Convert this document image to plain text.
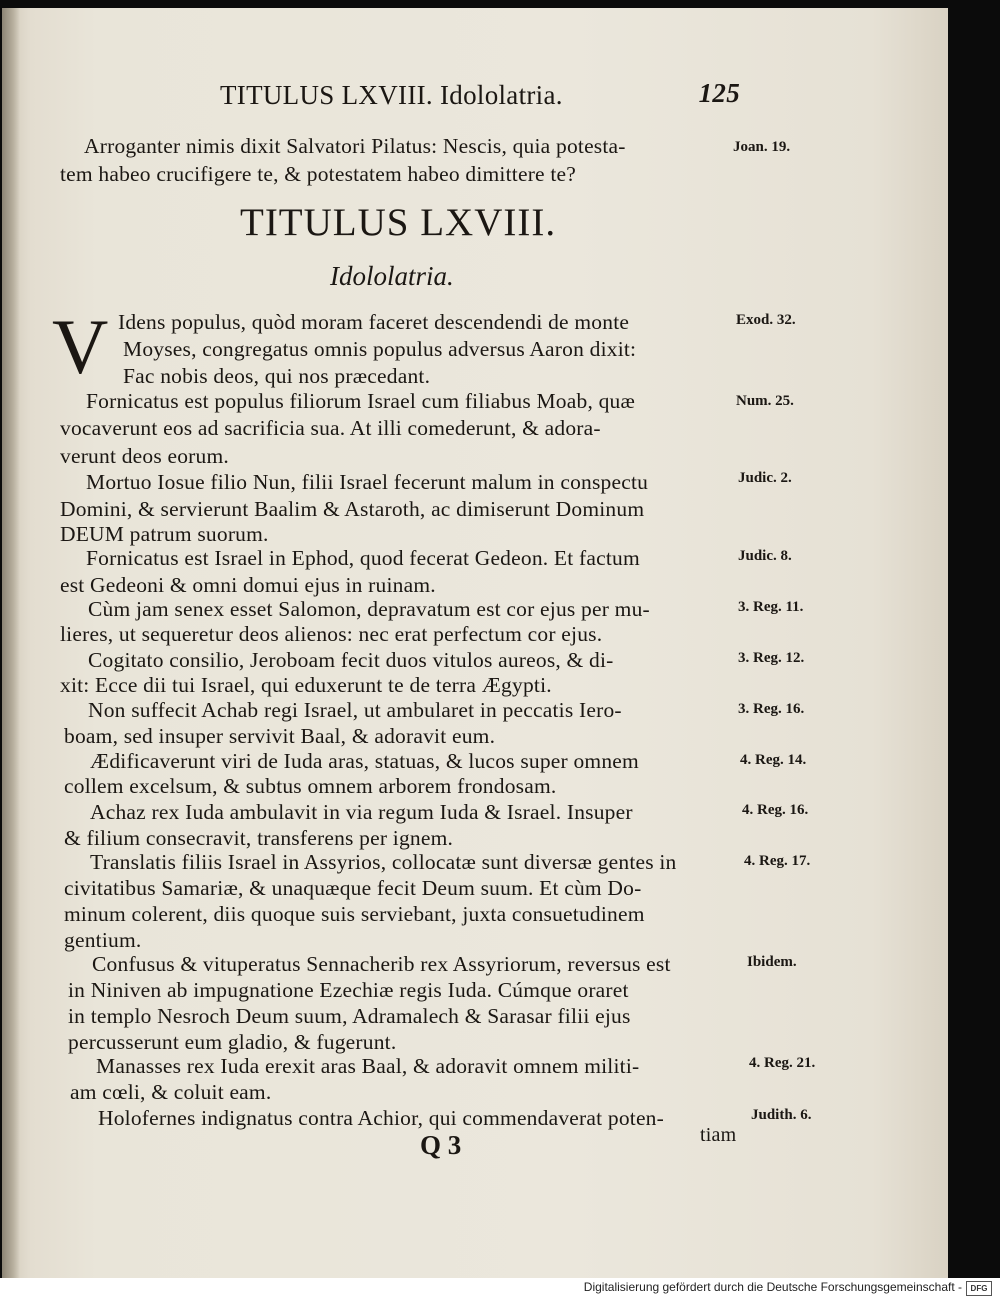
TITULUS LXVIII. Idololatria.	125
Arroganter nimis dixit Salvatori Pilatus: Nescis, quia potesta-
tem habeo crucifigere te, & potestatem habeo dimittere te?
TITULUS LXVIII.
Idololatria.
V Idens populus, quòd moram faceret descendendi de monte
Moyses, congregatus omnis populus adversus Aaron dixit:
Fac nobis deos, qui nos præcedant.
Fornicatus est populus filiorum Israel cum filiabus Moab, quæ
vocaverunt eos ad sacrificia sua. At illi comederunt, & adora-
verunt deos eorum.
Mortuo Iosue filio Nun, filii Israel fecerunt malum in conspectu
Domini, & servierunt Baalim & Astaroth, ac dimiserunt Dominum
DEUM patrum suorum.
Fornicatus est Israel in Ephod, quod fecerat Gedeon. Et factum
est Gedeoni & omni domui ejus in ruinam.
Cùm jam senex esset Salomon, depravatum est cor ejus per mu-
lieres, ut sequeretur deos alienos: nec erat perfectum cor ejus.
Cogitato consilio, Jeroboam fecit duos vitulos aureos, & di-
xit: Ecce dii tui Israel, qui eduxerunt te de terra Ægypti.
Non suffecit Achab regi Israel, ut ambularet in peccatis Iero-
boam, sed insuper servivit Baal, & adoravit eum.
Ædificaverunt viri de Iuda aras, statuas, & lucos super omnem
collem excelsum, & subtus omnem arborem frondosam.
Achaz rex Iuda ambulavit in via regum Iuda & Israel. Insuper
& filium consecravit, transferens per ignem.
Translatis filiis Israel in Assyrios, collocatæ sunt diversæ gentes in
civitatibus Samariæ, & unaquæque fecit Deum suum. Et cùm Do-
minum colerent, diis quoque suis serviebant, juxta consuetudinem
gentium.
Confusus & vituperatus Sennacherib rex Assyriorum, reversus est
in Niniven ab impugnatione Ezechiæ regis Iuda. Cúmque oraret
in templo Nesroch Deum suum, Adramalech & Sarasar filii ejus
percusserunt eum gladio, & fugerunt.
Manasses rex Iuda erexit aras Baal, & adoravit omnem militi-
am cœli, & coluit eam.
Holofernes indignatus contra Achior, qui commendaverat poten-
tiam
Q 3
Joan. 19.
Exod. 32.
Num. 25.
Judic. 2.
Judic. 8.
3. Reg. 11.
3. Reg. 12.
3. Reg. 16.
4. Reg. 14.
4. Reg. 16.
4. Reg. 17.
Ibidem.
4. Reg. 21.
Judith. 6.
Digitalisierung gefördert durch die Deutsche Forschungsgemeinschaft -	DFG
